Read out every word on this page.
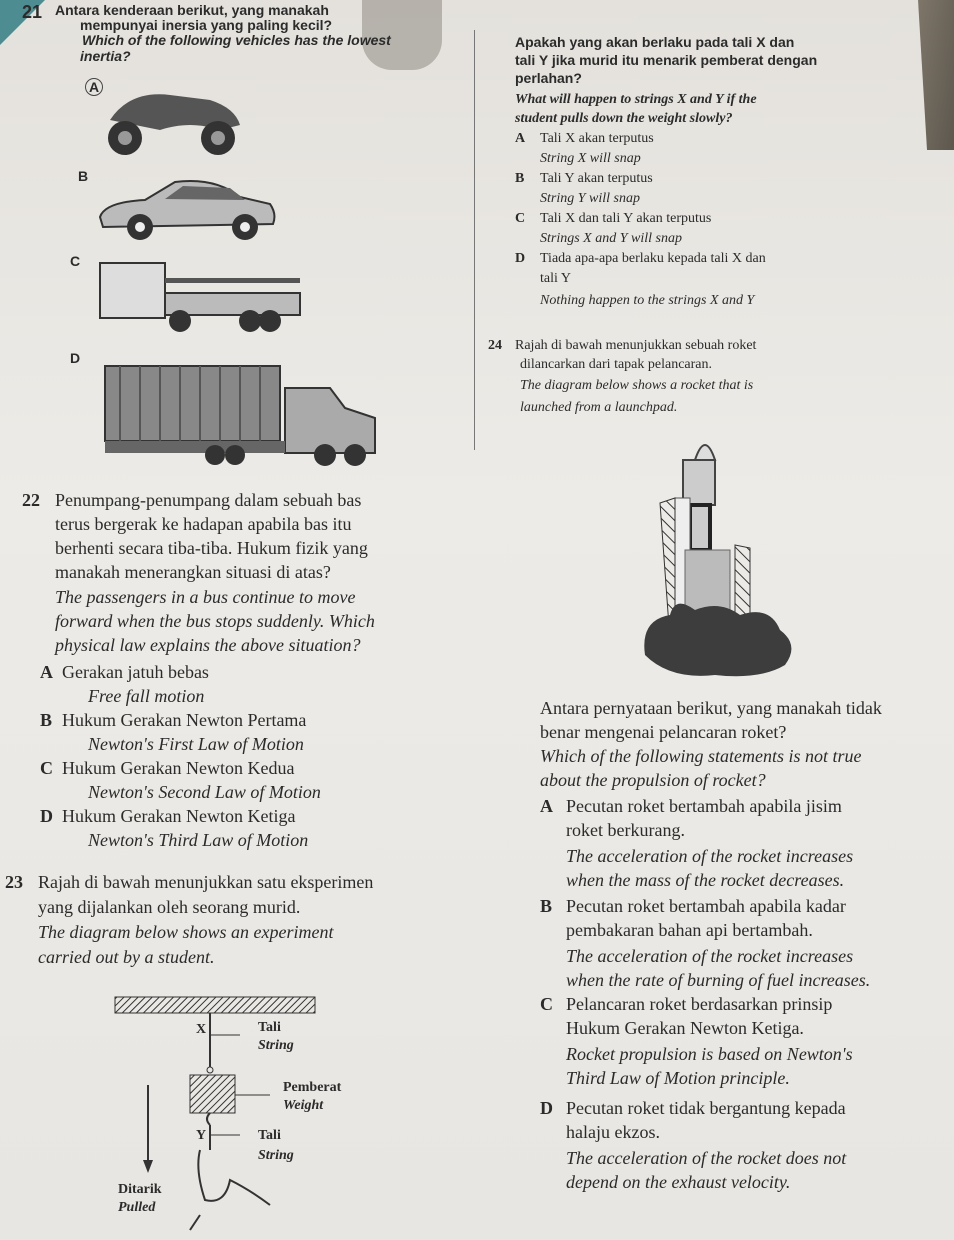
21 Antara kenderaan berikut, yang manakah
mempunyai inersia yang paling kecil?
Which of the following vehicles has the lowest
inertia?
A
B
C
D
22 Penumpang-penumpang dalam sebuah bas
terus bergerak ke hadapan apabila bas itu
berhenti secara tiba-tiba. Hukum fizik yang
manakah menerangkan situasi di atas?
The passengers in a bus continue to move
forward when the bus stops suddenly. Which
physical law explains the above situation?
23 Rajah di bawah menunjukkan satu eksperimen
yang dijalankan oleh seorang murid.
The diagram below shows an experiment
carried out by a student.
X	Tali
String
Pemberat
Weight
Y	Tali
String
Ditarik
Pulled
Apakah yang akan berlaku pada tali X dan
tali Y jika murid itu menarik pemberat dengan
perlahan?
What will happen to strings X and Y if the
student pulls down the weight slowly?
A Tali X akan terputus
String X will snap
B Tali Y akan terputus
String Y will snap
C Tali X dan tali Y akan terputus
Strings X and Y will snap
D Tiada apa-apa berlaku kepada tali X dan
tali Y
Nothing happen to the strings X and Y
24 Rajah di bawah menunjukkan sebuah roket
dilancarkan dari tapak pelancaran.
The diagram below shows a rocket that is
launched from a launchpad.
Antara pernyataan berikut, yang manakah tidak
benar mengenai pelancaran roket?
Which of the following statements is not true
about the propulsion of rocket?
A Gerakan jatuh bebas
Free fall motion
B Hukum Gerakan Newton Pertama
Newton's First Law of Motion
C Hukum Gerakan Newton Kedua
Newton's Second Law of Motion
D Hukum Gerakan Newton Ketiga
Newton's Third Law of Motion
A Pecutan roket bertambah apabila jisim
roket berkurang.
The acceleration of the rocket increases
when the mass of the rocket decreases.
B Pecutan roket bertambah apabila kadar
pembakaran bahan api bertambah.
The acceleration of the rocket increases
when the rate of burning of fuel increases.
C Pelancaran roket berdasarkan prinsip
Hukum Gerakan Newton Ketiga.
Rocket propulsion is based on Newton's
Third Law of Motion principle.
D Pecutan roket tidak bergantung kepada
halaju ekzos.
The acceleration of the rocket does not
depend on the exhaust velocity.
